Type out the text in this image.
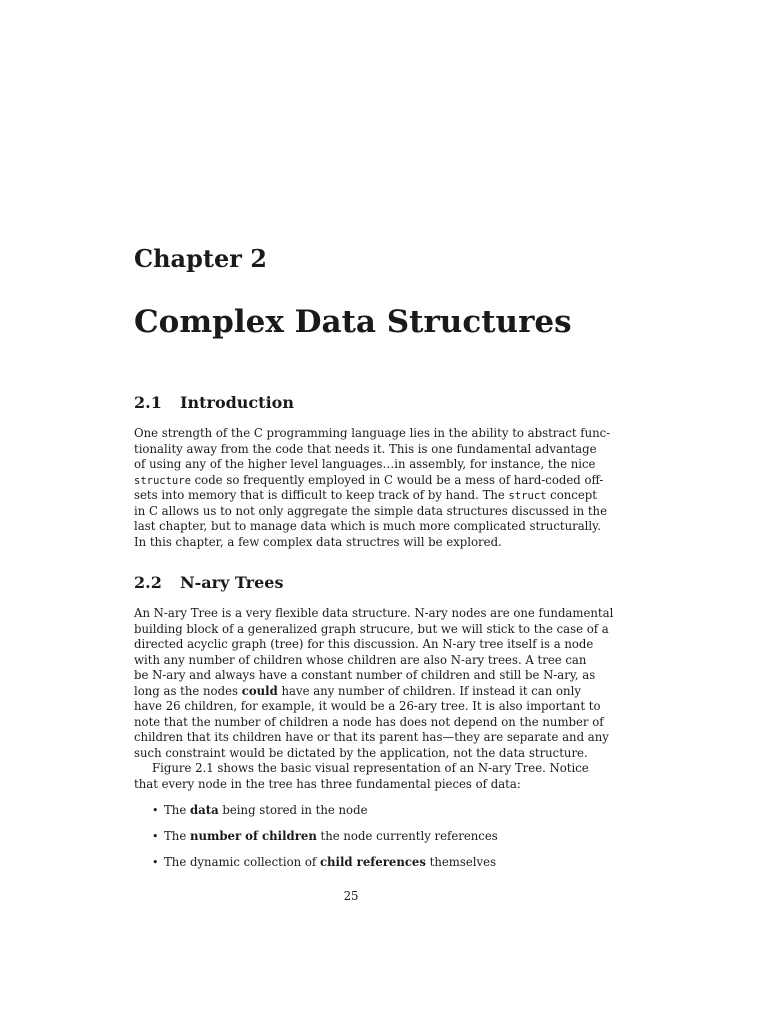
Chapter 2
Complex Data Structures
2.1 Introduction
One strength of the C programming language lies in the ability to abstract func-
tionality away from the code that needs it. This is one fundamental advantage
of using any of the higher level languages…in assembly, for instance, the nice
structure code so frequently employed in C would be a mess of hard-coded off-
sets into memory that is difficult to keep track of by hand. The struct concept
in C allows us to not only aggregate the simple data structures discussed in the
last chapter, but to manage data which is much more complicated structurally.
In this chapter, a few complex data structres will be explored.
2.2 N-ary Trees
An N-ary Tree is a very flexible data structure. N-ary nodes are one fundamental
building block of a generalized graph strucure, but we will stick to the case of a
directed acyclic graph (tree) for this discussion. An N-ary tree itself is a node
with any number of children whose children are also N-ary trees. A tree can
be N-ary and always have a constant number of children and still be N-ary, as
long as the nodes could have any number of children. If instead it can only
have 26 children, for example, it would be a 26-ary tree. It is also important to
note that the number of children a node has does not depend on the number of
children that its children have or that its parent has—they are separate and any
such constraint would be dictated by the application, not the data structure.
Figure 2.1 shows the basic visual representation of an N-ary Tree. Notice
that every node in the tree has three fundamental pieces of data:
• The data being stored in the node
• The number of children the node currently references
• The dynamic collection of child references themselves
25
